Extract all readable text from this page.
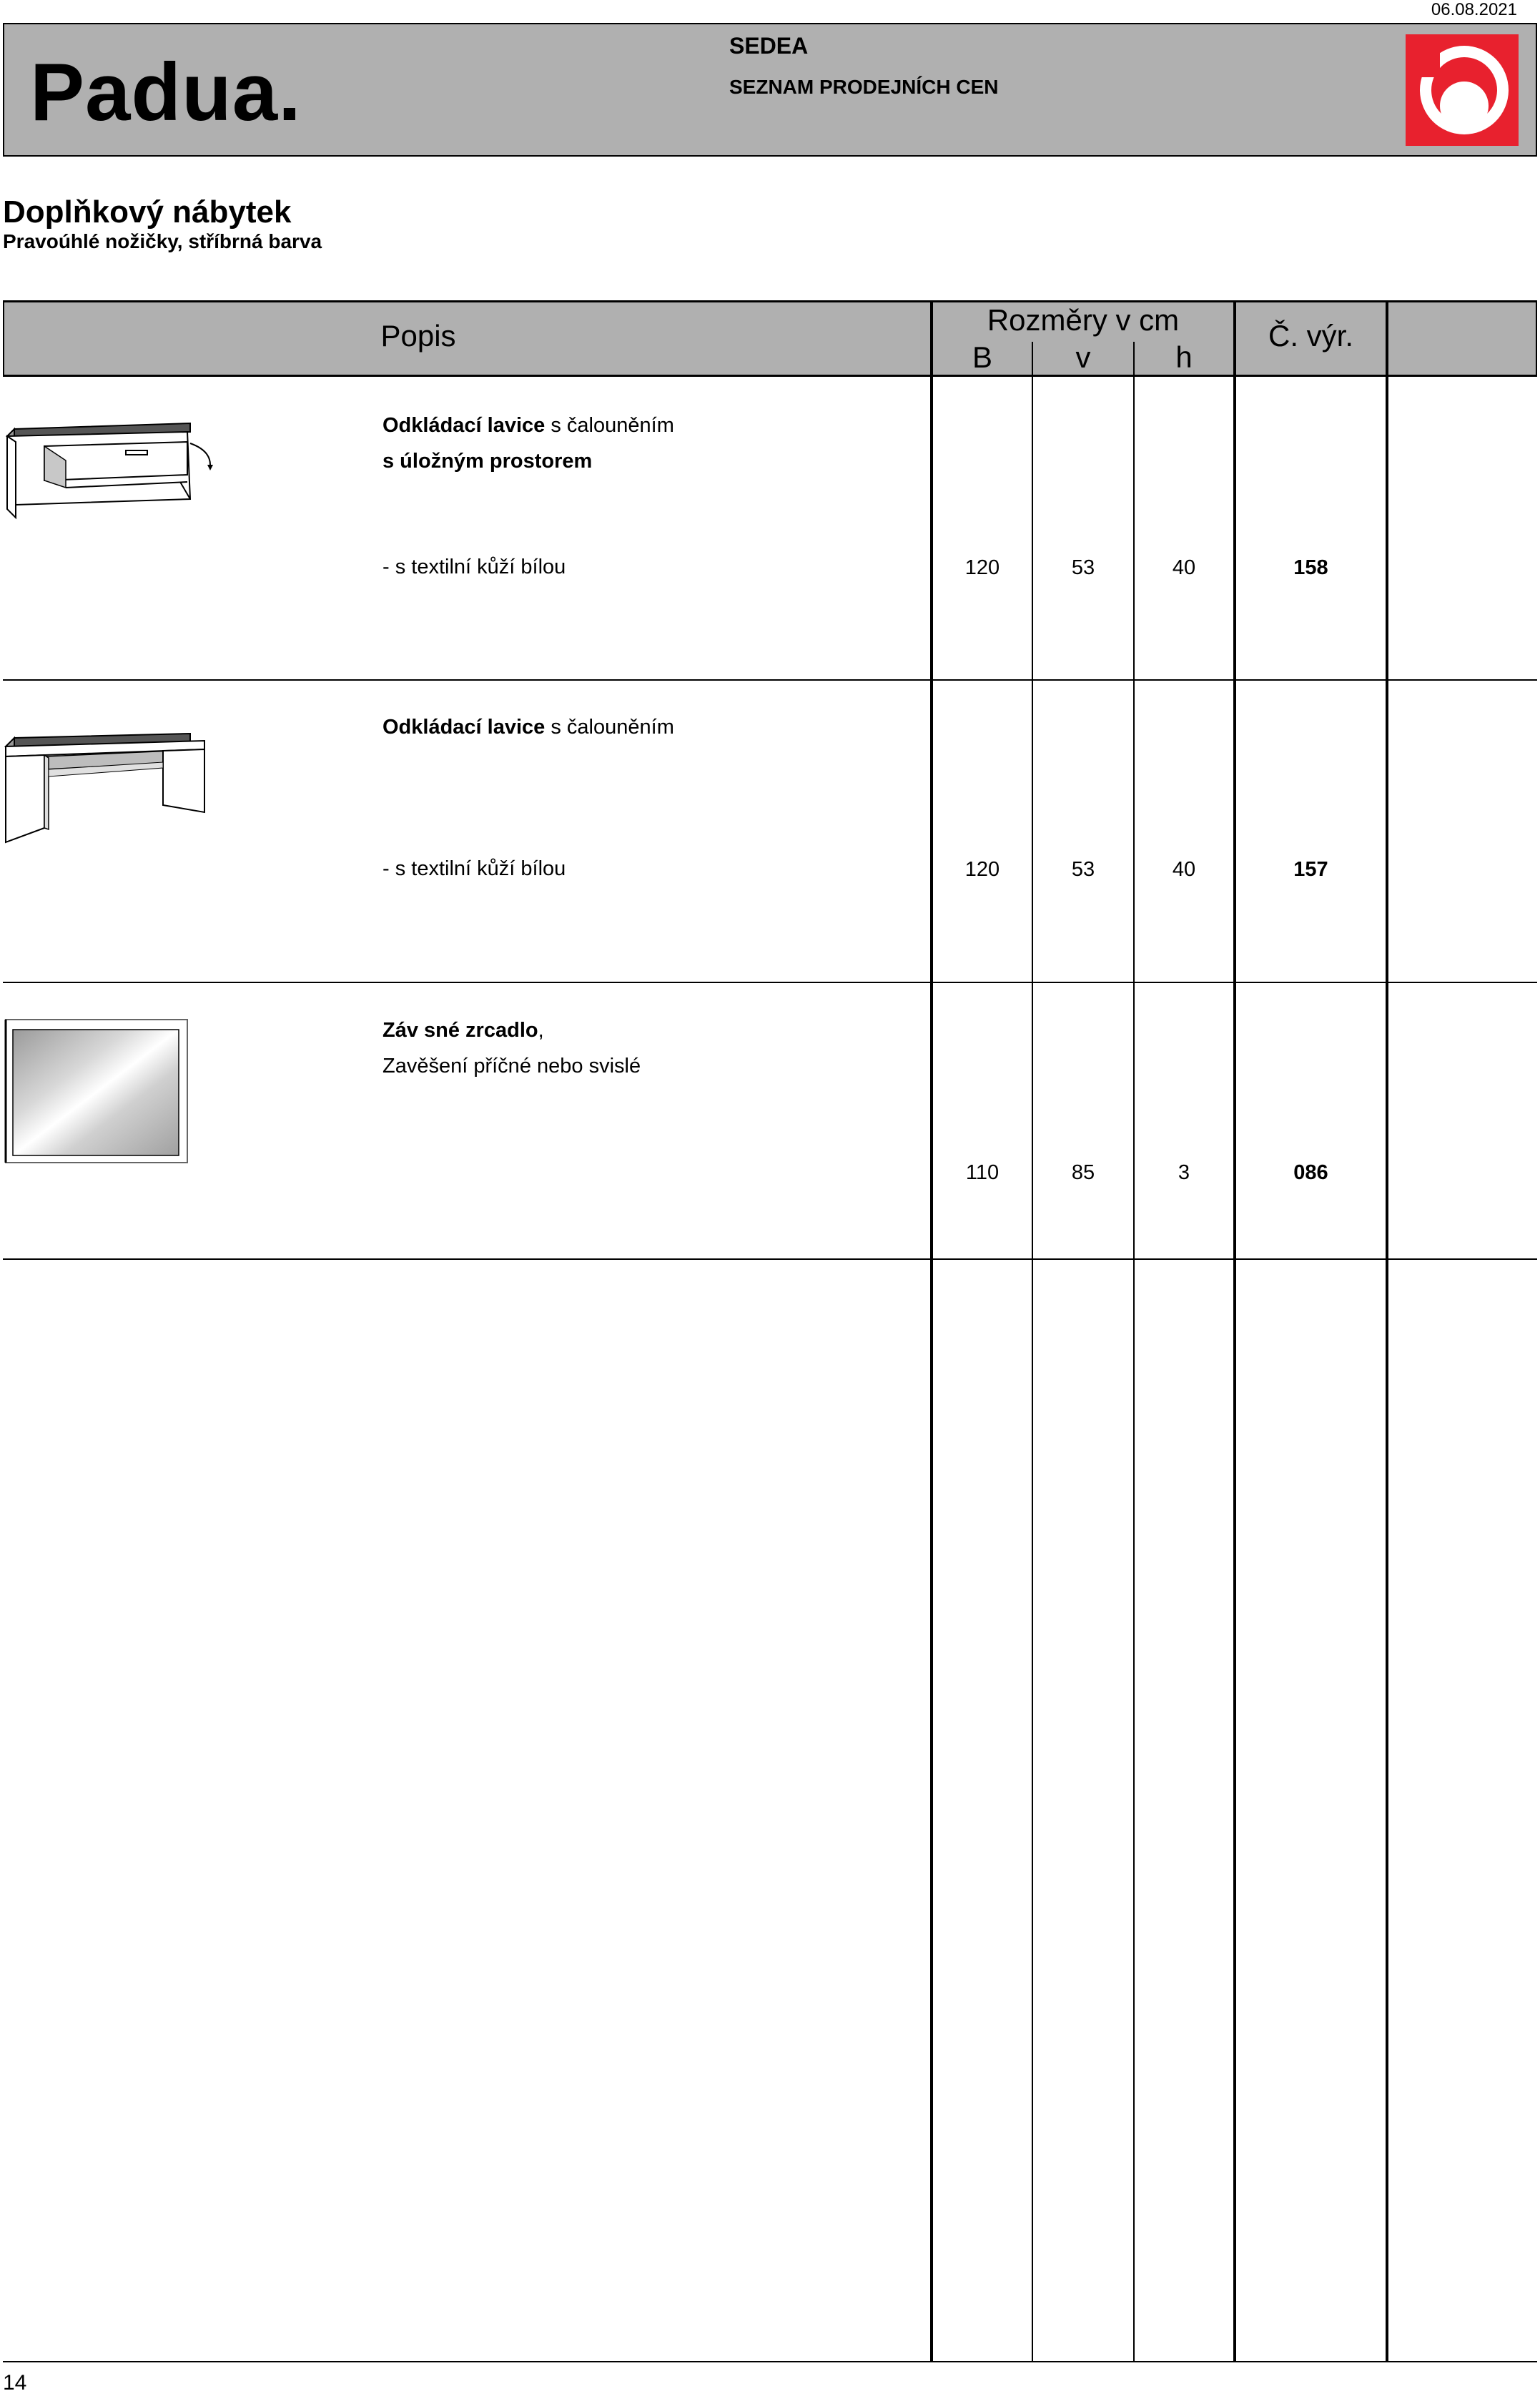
06.08.2021
Padua.
SEDEA
SEZNAM PRODEJNÍCH CEN
Doplňkový nábytek
Pravoúhlé nožičky, stříbrná barva
Popis	Rozměry v cm
B	v	h
Č. výr.
Odkládací lavice s čalouněním
s úložným prostorem
- s textilní kůží bílou	120	53	40	158
Odkládací lavice s čalouněním
- s textilní kůží bílou	120	53	40	157
Záv sné zrcadlo,
Zavěšení příčné nebo svislé
110	85	3	086
14
